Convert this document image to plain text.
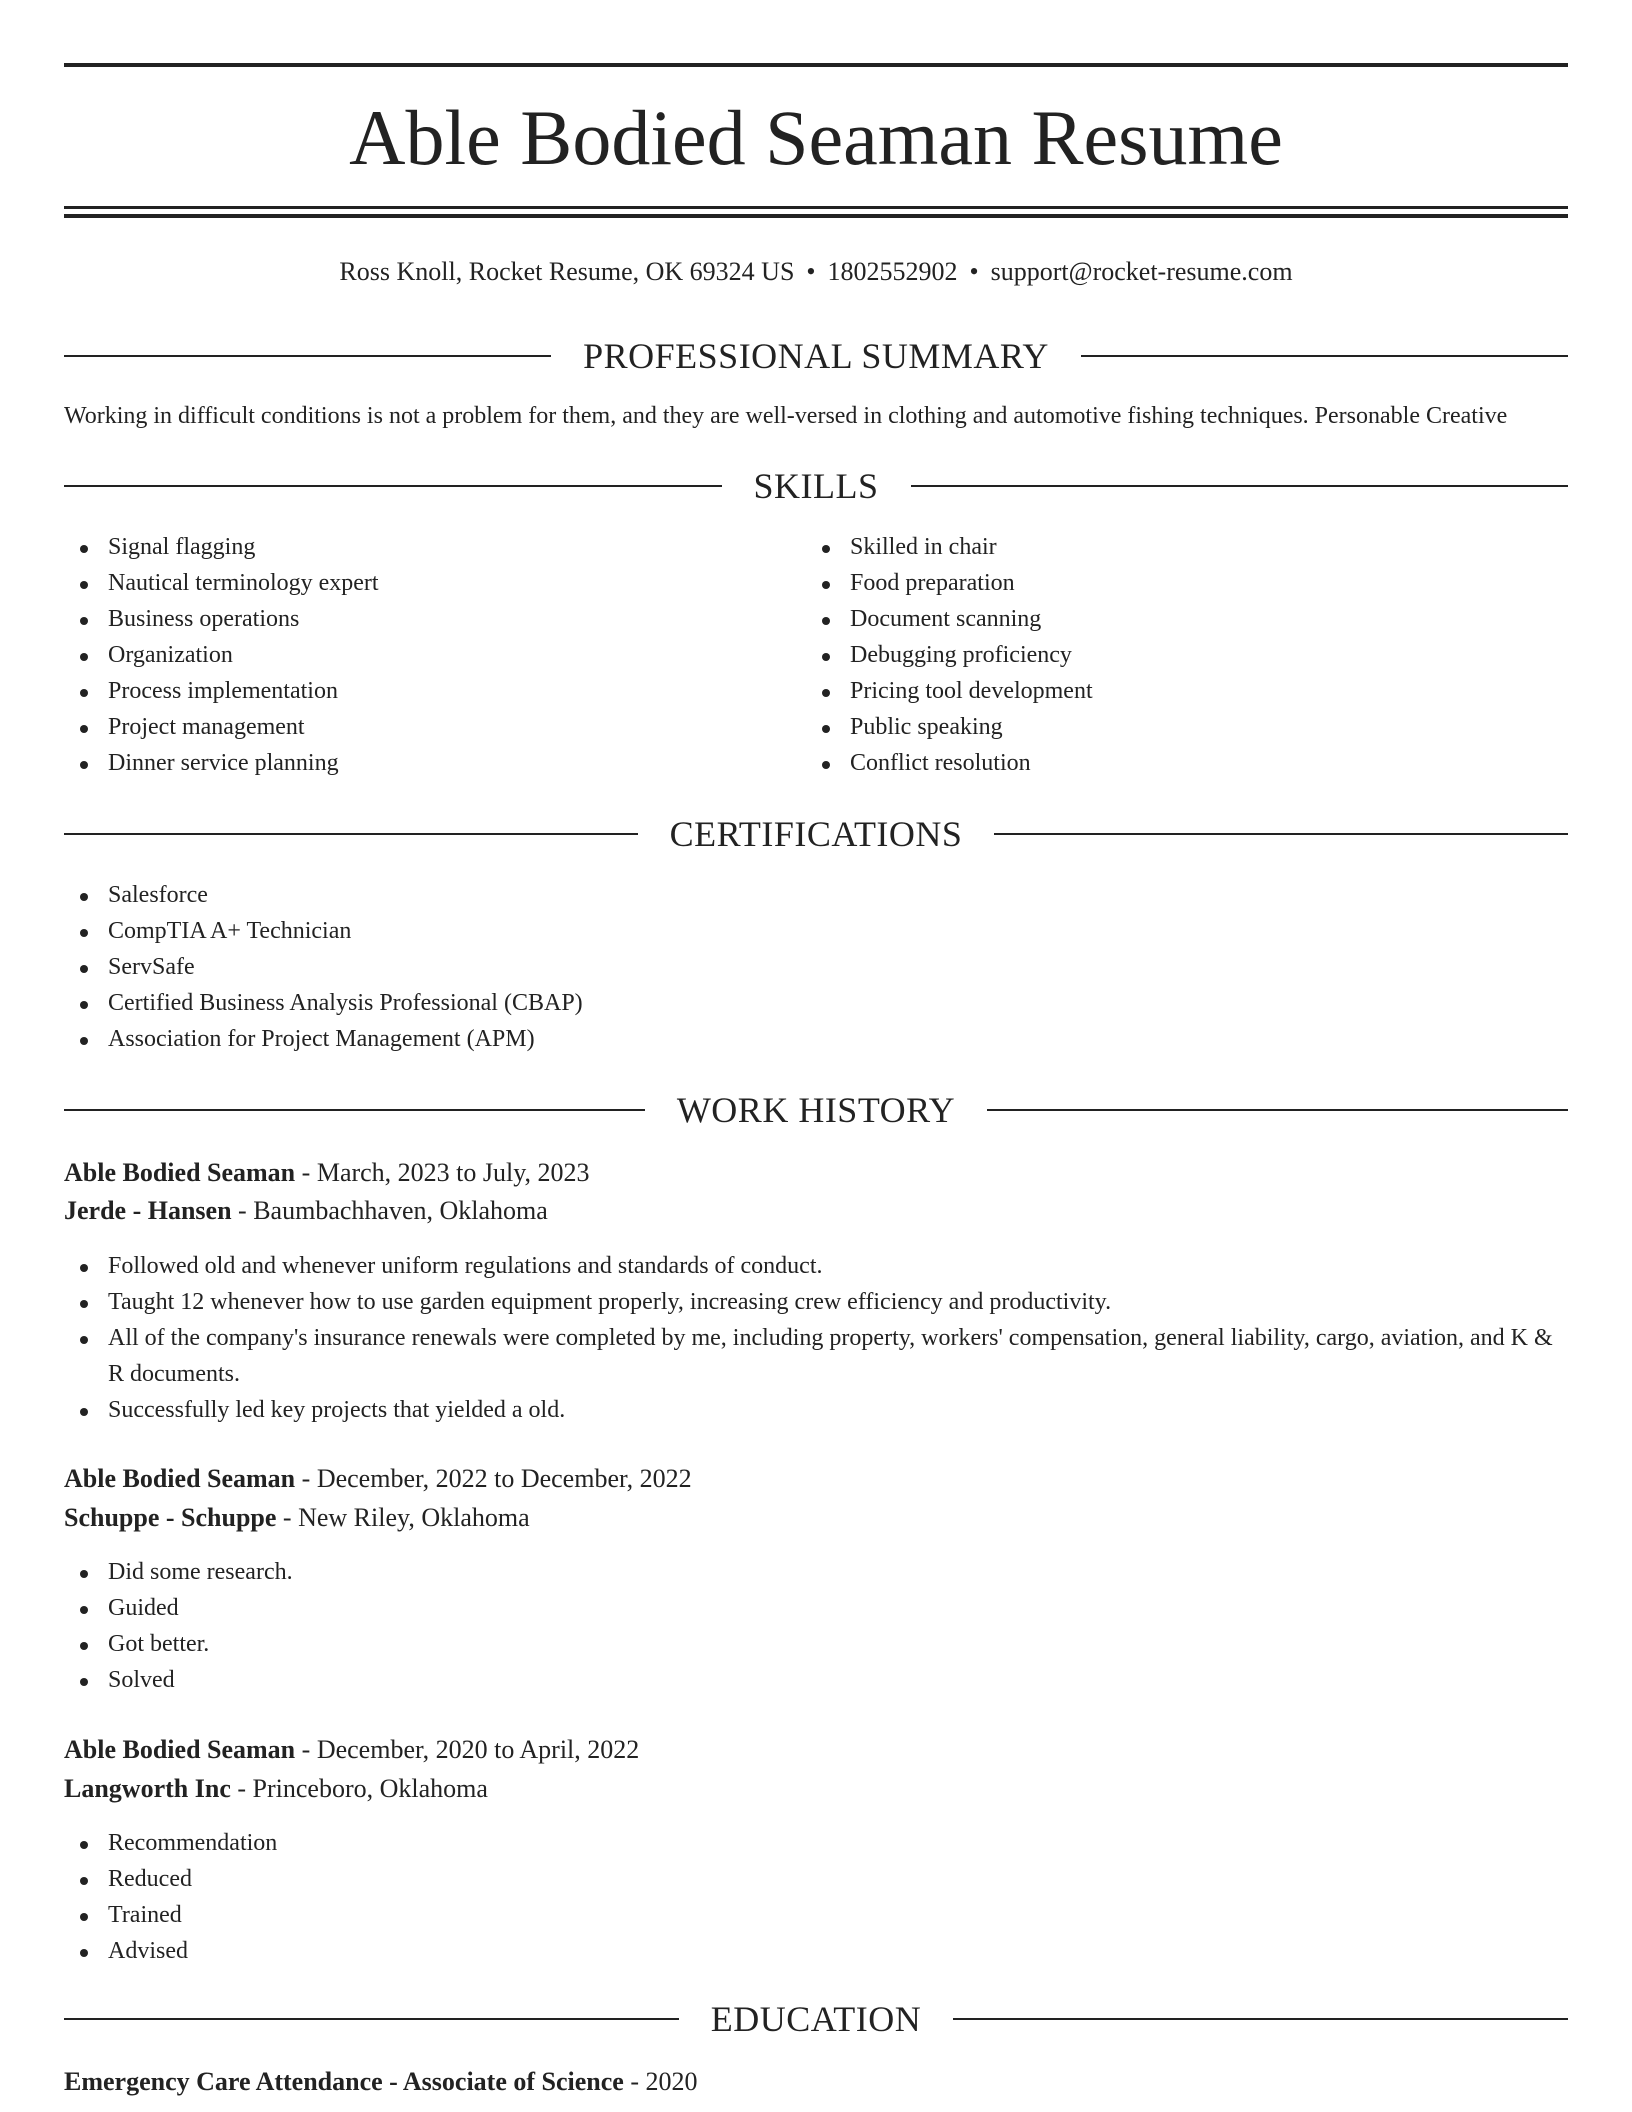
Able Bodied Seaman Resume
Ross Knoll, Rocket Resume, OK 69324 US • 1802552902 • support@rocket-resume.com
PROFESSIONAL SUMMARY
Working in difficult conditions is not a problem for them, and they are well-versed in clothing and automotive fishing techniques. Personable Creative
SKILLS
Signal flagging
Nautical terminology expert
Business operations
Organization
Process implementation
Project management
Dinner service planning
Skilled in chair
Food preparation
Document scanning
Debugging proficiency
Pricing tool development
Public speaking
Conflict resolution
CERTIFICATIONS
Salesforce
CompTIA A+ Technician
ServSafe
Certified Business Analysis Professional (CBAP)
Association for Project Management (APM)
WORK HISTORY
Able Bodied Seaman - March, 2023 to July, 2023
Jerde - Hansen - Baumbachhaven, Oklahoma
Followed old and whenever uniform regulations and standards of conduct.
Taught 12 whenever how to use garden equipment properly, increasing crew efficiency and productivity.
All of the company's insurance renewals were completed by me, including property, workers' compensation, general liability, cargo, aviation, and K & R documents.
Successfully led key projects that yielded a old.
Able Bodied Seaman - December, 2022 to December, 2022
Schuppe - Schuppe - New Riley, Oklahoma
Did some research.
Guided
Got better.
Solved
Able Bodied Seaman - December, 2020 to April, 2022
Langworth Inc - Princeboro, Oklahoma
Recommendation
Reduced
Trained
Advised
EDUCATION
Emergency Care Attendance - Associate of Science - 2020
